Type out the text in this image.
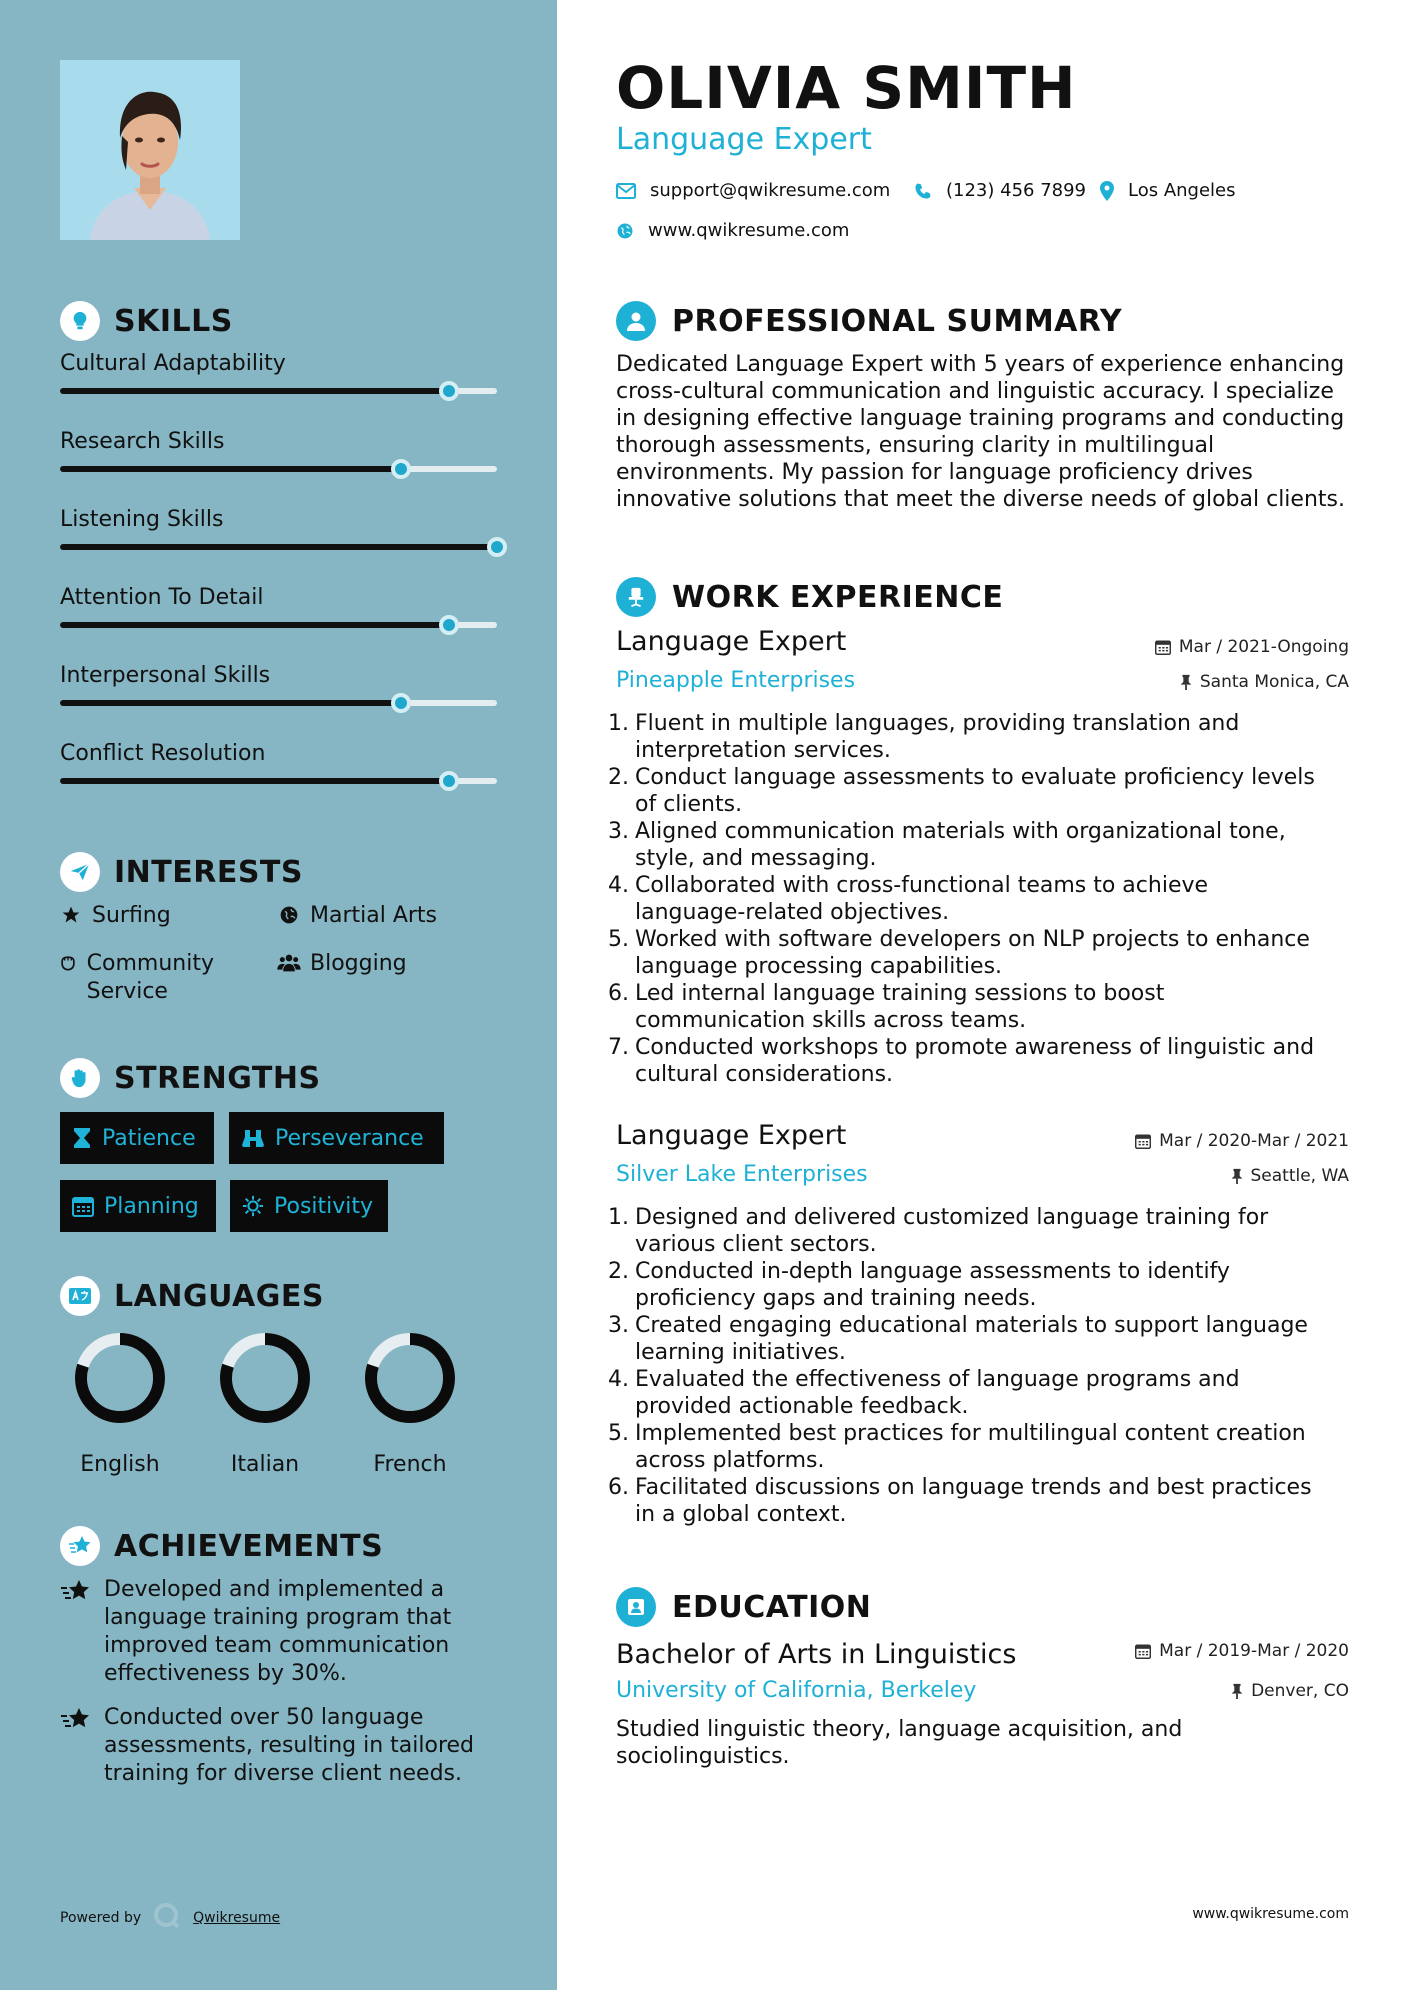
SKILLS
Cultural Adaptability
Research Skills
Listening Skills
Attention To Detail
Interpersonal Skills
Conflict Resolution
INTERESTS
Surfing	Martial Arts
Community Service
Blogging
STRENGTHS
Patience	Perseverance
Planning	Positivity
LANGUAGES
English	Italian	French
ACHIEVEMENTS
Developed and implemented a language training program that improved team communication effectiveness by 30%.
Conducted over 50 language assessments, resulting in tailored training for diverse client needs.
Powered by	Qwikresume
OLIVIA SMITH
Language Expert
support@qwikresume.com	(123) 456 7899 Los Angeles
www.qwikresume.com
PROFESSIONAL SUMMARY
Dedicated Language Expert with 5 years of experience enhancing cross-cultural communication and linguistic accuracy. I specialize in designing effective language training programs and conducting thorough assessments, ensuring clarity in multilingual environments. My passion for language proficiency drives innovative solutions that meet the diverse needs of global clients.
WORK EXPERIENCE
Language Expert	Mar / 2021-Ongoing
Pineapple Enterprises	Santa Monica, CA
1. Fluent in multiple languages, providing translation and
interpretation services.
2. Conduct language assessments to evaluate proficiency levels
of clients.
3. Aligned communication materials with organizational tone,
style, and messaging.
4. Collaborated with cross-functional teams to achieve
language-related objectives.
5. Worked with software developers on NLP projects to enhance
language processing capabilities.
6. Led internal language training sessions to boost
communication skills across teams.
7. Conducted workshops to promote awareness of linguistic and
cultural considerations.
Language Expert	Mar / 2020-Mar / 2021
Silver Lake Enterprises	Seattle, WA
1. Designed and delivered customized language training for
various client sectors.
2. Conducted in-depth language assessments to identify
proficiency gaps and training needs.
3. Created engaging educational materials to support language
learning initiatives.
4. Evaluated the effectiveness of language programs and
provided actionable feedback.
5. Implemented best practices for multilingual content creation
across platforms.
6. Facilitated discussions on language trends and best practices
in a global context.
EDUCATION
Bachelor of Arts in Linguistics	Mar / 2019-Mar / 2020
University of California, Berkeley	Denver, CO
Studied linguistic theory, language acquisition, and sociolinguistics.
www.qwikresume.com
